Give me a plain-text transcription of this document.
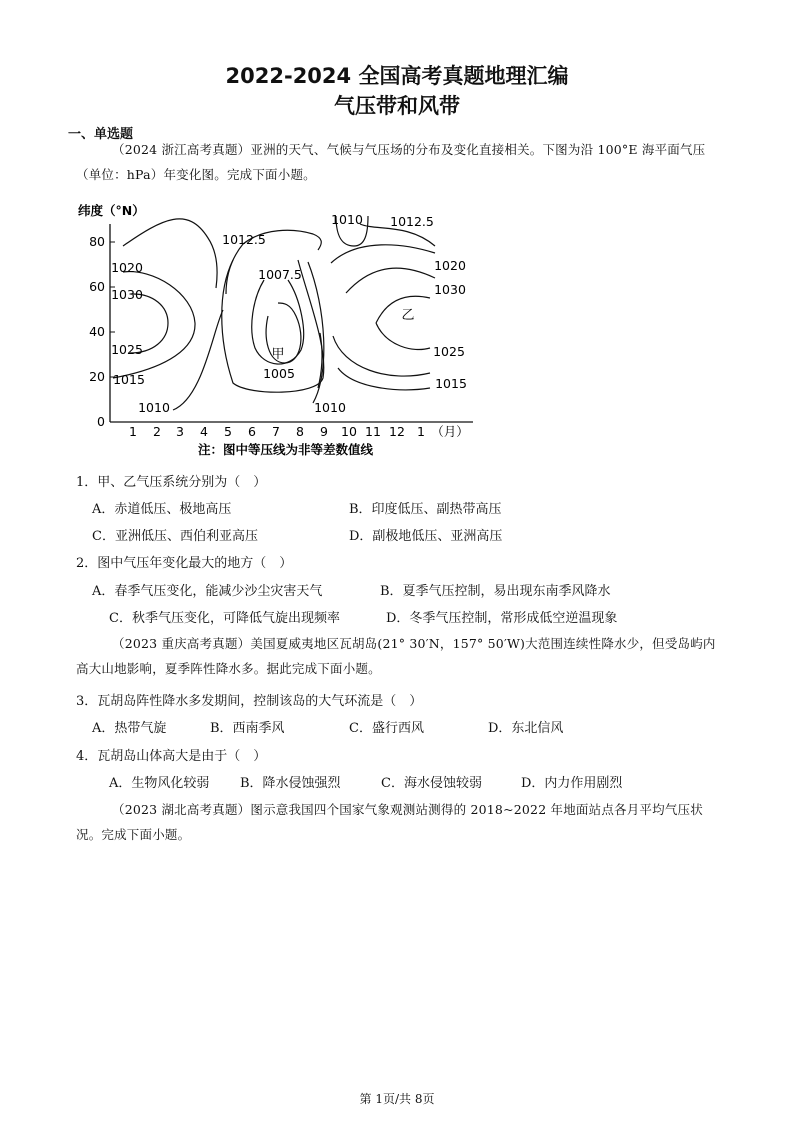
2022-2024 全国高考真题地理汇编
气压带和风带
一、单选题
（2024 浙江高考真题）亚洲的天气、气候与气压场的分布及变化直接相关。下图为沿 100°E 海平面气压（单位：hPa）年变化图。完成下面小题。
纬度（°N）
80
60
40
20
0
1 2 3 4 5 6 7 8 9 10 11 12 1 （月）
1010 1012.5
1012.5
1007.5
1020
1030
1025
1015
1010
1005
1010
1020
1030
1025
1015
甲
乙
注：图中等压线为非等差数值线
1．甲、乙气压系统分别为（　）
A．赤道低压、极地高压	B．印度低压、副热带高压
C．亚洲低压、西伯利亚高压	D．副极地低压、亚洲高压
2．图中气压年变化最大的地方（　）
A．春季气压变化，能减少沙尘灾害天气	B．夏季气压控制，易出现东南季风降水
C．秋季气压变化，可降低气旋出现频率	D．冬季气压控制，常形成低空逆温现象
（2023 重庆高考真题）美国夏威夷地区瓦胡岛(21° 30′N，157° 50′W)大范围连续性降水少，但受岛屿内高大山地影响，夏季阵性降水多。据此完成下面小题。
3．瓦胡岛阵性降水多发期间，控制该岛的大气环流是（　）
A．热带气旋	B．西南季风	C．盛行西风	D．东北信风
4．瓦胡岛山体高大是由于（　）
A．生物风化较弱 B．降水侵蚀强烈	C．海水侵蚀较弱	D．内力作用剧烈
（2023 湖北高考真题）图示意我国四个国家气象观测站测得的 2018~2022 年地面站点各月平均气压状况。完成下面小题。
第 1页/共 8页
